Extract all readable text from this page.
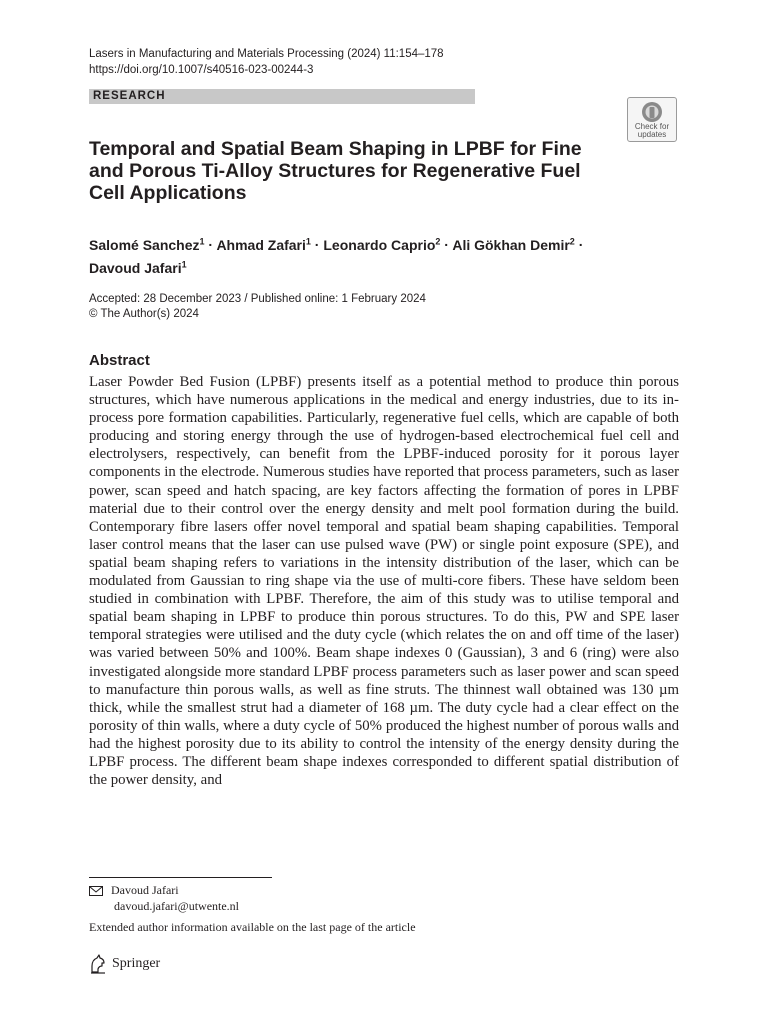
Lasers in Manufacturing and Materials Processing (2024) 11:154–178
https://doi.org/10.1007/s40516-023-00244-3
RESEARCH
Check for
updates
Temporal and Spatial Beam Shaping in LPBF for Fine and Porous Ti-Alloy Structures for Regenerative Fuel Cell Applications
Salomé Sanchez$^1$ · Ahmad Zafari$^1$ · Leonardo Caprio$^2$ · Ali Gökhan Demir$^2$ ·
Davoud Jafari$^1$
Accepted: 28 December 2023 / Published online: 1 February 2024
© The Author(s) 2024
Abstract

Laser Powder Bed Fusion (LPBF) presents itself as a potential method to produce thin porous structures, which have numerous applications in the medical and energy industries, due to its in-process pore formation capabilities. Particularly, regenerative fuel cells, which are capable of both producing and storing energy through the use of hydrogen-based electrochemical fuel cell and electrolysers, respectively, can benefit from the LPBF-induced porosity for it porous layer components in the electrode. Numerous studies have reported that process parameters, such as laser power, scan speed and hatch spacing, are key factors affecting the formation of pores in LPBF material due to their control over the energy density and melt pool formation during the build. Contemporary fibre lasers offer novel temporal and spatial beam shaping capabilities. Temporal laser control means that the laser can use pulsed wave (PW) or single point exposure (SPE), and spatial beam shaping refers to variations in the intensity distribution of the laser, which can be modulated from Gaussian to ring shape via the use of multi-core fibers. These have seldom been studied in combination with LPBF. Therefore, the aim of this study was to utilise temporal and spatial beam shaping in LPBF to produce thin porous structures. To do this, PW and SPE laser temporal strategies were utilised and the duty cycle (which relates the on and off time of the laser) was varied between 50% and 100%. Beam shape indexes 0 (Gaussian), 3 and 6 (ring) were also investigated alongside more standard LPBF process parameters such as laser power and scan speed to manufacture thin porous walls, as well as fine struts. The thinnest wall obtained was 130 µm thick, while the smallest strut had a diameter of 168 µm. The duty cycle had a clear effect on the porosity of thin walls, where a duty cycle of 50% produced the highest number of porous walls and had the highest porosity due to its ability to control the intensity of the energy density during the LPBF process. The different beam shape indexes corresponded to different spatial distribution of the power density, and

Davoud Jafari
davoud.jafari@utwente.nl
Extended author information available on the last page of the article
Springer
